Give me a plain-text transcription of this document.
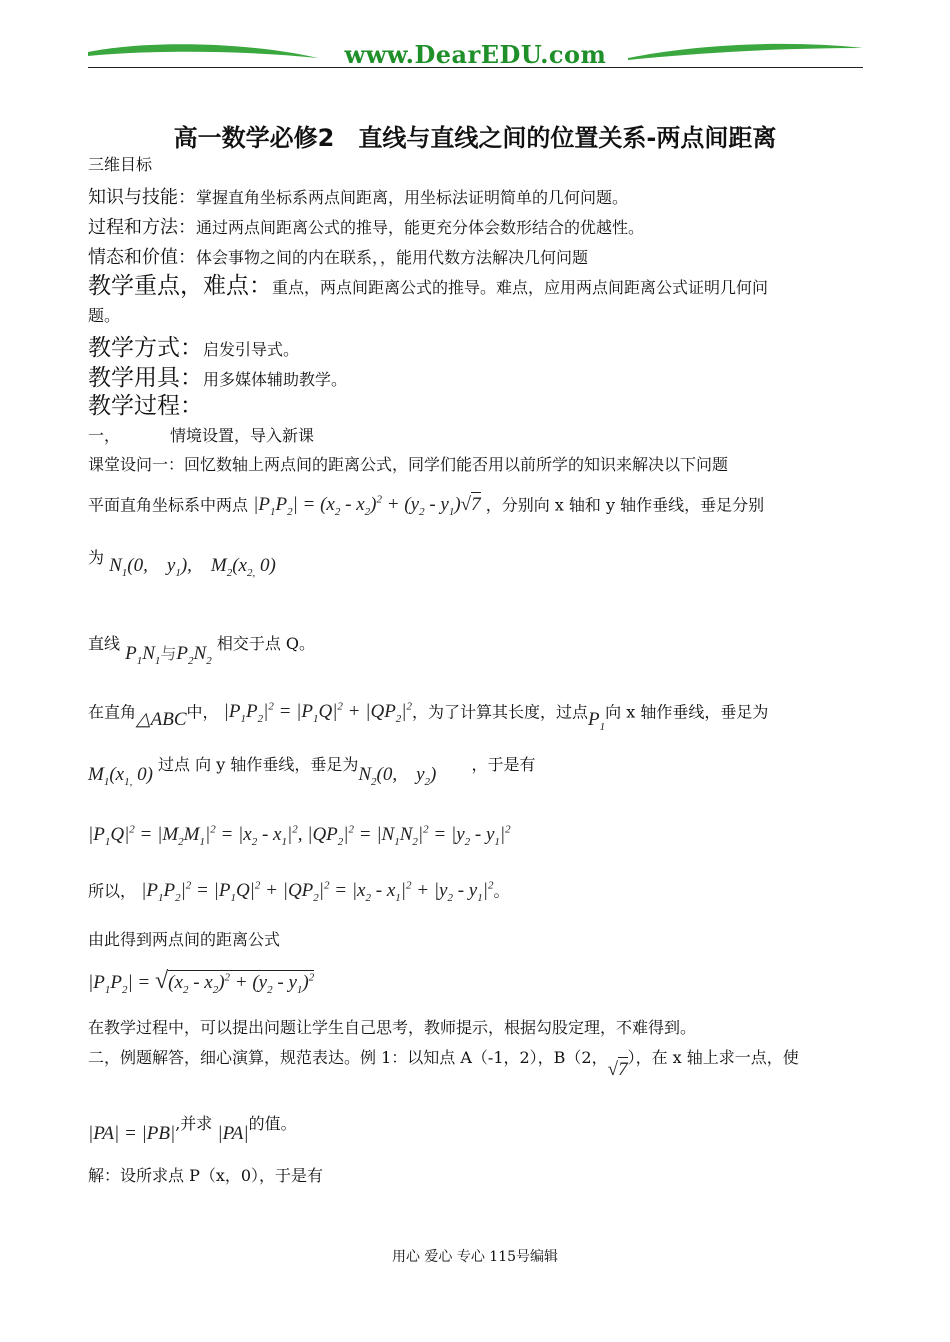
www.DearEDU.com
高一数学必修2　直线与直线之间的位置关系-两点间距离
三维目标
知识与技能：掌握直角坐标系两点间距离，用坐标法证明简单的几何问题。
过程和方法：通过两点间距离公式的推导，能更充分体会数形结合的优越性。
情态和价值：体会事物之间的内在联系，，能用代数方法解决几何问题
教学重点，难点：重点，两点间距离公式的推导。难点，应用两点间距离公式证明几何问
题。
教学方式：启发引导式。
教学用具：用多媒体辅助教学。
教学过程：
一，	情境设置，导入新课
课堂设问一：回忆数轴上两点间的距离公式，同学们能否用以前所学的知识来解决以下问题
平面直角坐标系中两点 $|P_1P_2| = (x_2 - x_2)^2 + (y_2 - y_1)√7$ ，分别向 x 轴和 y 轴作垂线，垂足分别
为 $N_1(0$,　$y_1$),　$M_2(x_{2,}$ 0)
直线 $P_1N_1$与$P_2N_2$ 相交于点 Q。
在直角△ABC中， $|P_1P_2|^2 = |P_1Q|^2 + |QP_2|^2$，为了计算其长度，过点$P_1$向 x 轴作垂线，垂足为
$M_1(x_{1,}$ 0) 过点 向 y 轴作垂线，垂足为$N_2(0$,　$y_2$) ，于是有
$|P_1Q|^2 = |M_2M_1|^2 = |x_2 - x_1|^2$, $|QP_2|^2 = |N_1N_2|^2 = |y_2 - y_1|^2$
所以， $|P_1P_2|^2 = |P_1Q|^2 + |QP_2|^2 = |x_2 - x_1|^2 + |y_2 - y_1|^2$。
由此得到两点间的距离公式
$|P_1P_2| = √(x_2 - x_2)^2 + (y_2 - y_1)^2$
在教学过程中，可以提出问题让学生自己思考，教师提示，根据勾股定理，不难得到。
二，例题解答，细心演算，规范表达。例 1：以知点 A（-1，2），B（2，√7），在 x 轴上求一点，使
|PA| = |PB|,并求 |PA|的值。
解：设所求点 P（x，0），于是有
用心 爱心 专心 115号编辑
